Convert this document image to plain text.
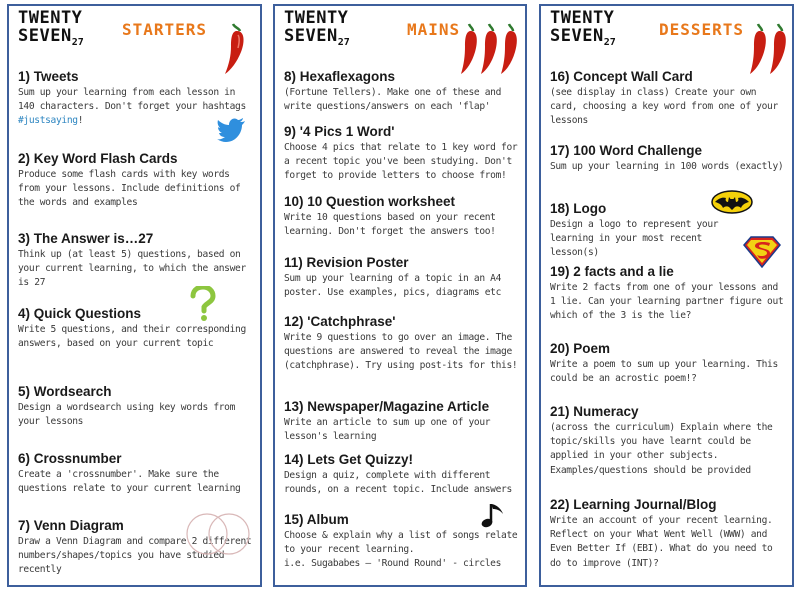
TWENTY
$SEVEN_{27}$
STARTERS
1) Tweets
Sum up your learning from each lesson in 140 characters. Don't forget your hashtags #justsaying!
2) Key Word Flash Cards
Produce some flash cards with key words from your lessons. Include definitions of the words and examples
3) The Answer is…27
Think up (at least 5) questions, based on your current learning, to which the answer is 27
4) Quick Questions
Write 5 questions, and their corresponding answers, based on your current topic
5) Wordsearch
Design a wordsearch using key words from your lessons
6) Crossnumber
Create a 'crossnumber'. Make sure the questions relate to your current learning
7) Venn Diagram
Draw a Venn Diagram and compare 2 different numbers/shapes/topics you have studied recently
TWENTY
$SEVEN_{27}$
MAINS
8) Hexaflexagons
(Fortune Tellers). Make one of these and write questions/answers on each 'flap'
9) '4 Pics 1 Word'
Choose 4 pics that relate to 1 key word for a recent topic you've been studying. Don't forget to provide letters to choose from!
10) 10 Question worksheet
Write 10 questions based on your recent learning. Don't forget the answers too!
11) Revision Poster
Sum up your learning of a topic in an A4 poster. Use examples, pics, diagrams etc
12) 'Catchphrase'
Write 9 questions to go over an image. The questions are answered to reveal the image (catchphrase). Try using post-its for this!
13) Newspaper/Magazine Article
Write an article to sum up one of your lesson's learning
14) Lets Get Quizzy!
Design a quiz, complete with different rounds, on a recent topic. Include answers
15) Album
Choose & explain why a list of songs relate to your recent learning.
i.e. Sugababes – 'Round Round' - circles
TWENTY
$SEVEN_{27}$
DESSERTS
16) Concept Wall Card
(see display in class) Create your own card, choosing a key word from one of your lessons
17) 100 Word Challenge
Sum up your learning in 100 words (exactly)
18) Logo
Design a logo to represent your learning in your most recent lesson(s)
19) 2 facts and a lie
Write 2 facts from one of your lessons and 1 lie. Can your learning partner figure out which of the 3 is the lie?
20) Poem
Write a poem to sum up your learning. This could be an acrostic poem!?
21) Numeracy
(across the curriculum) Explain where the topic/skills you have learnt could be applied in your other subjects. Examples/questions should be provided
22) Learning Journal/Blog
Write an account of your recent learning. Reflect on your What Went Well (WWW) and Even Better If (EBI). What do you need to do to improve (INT)?
